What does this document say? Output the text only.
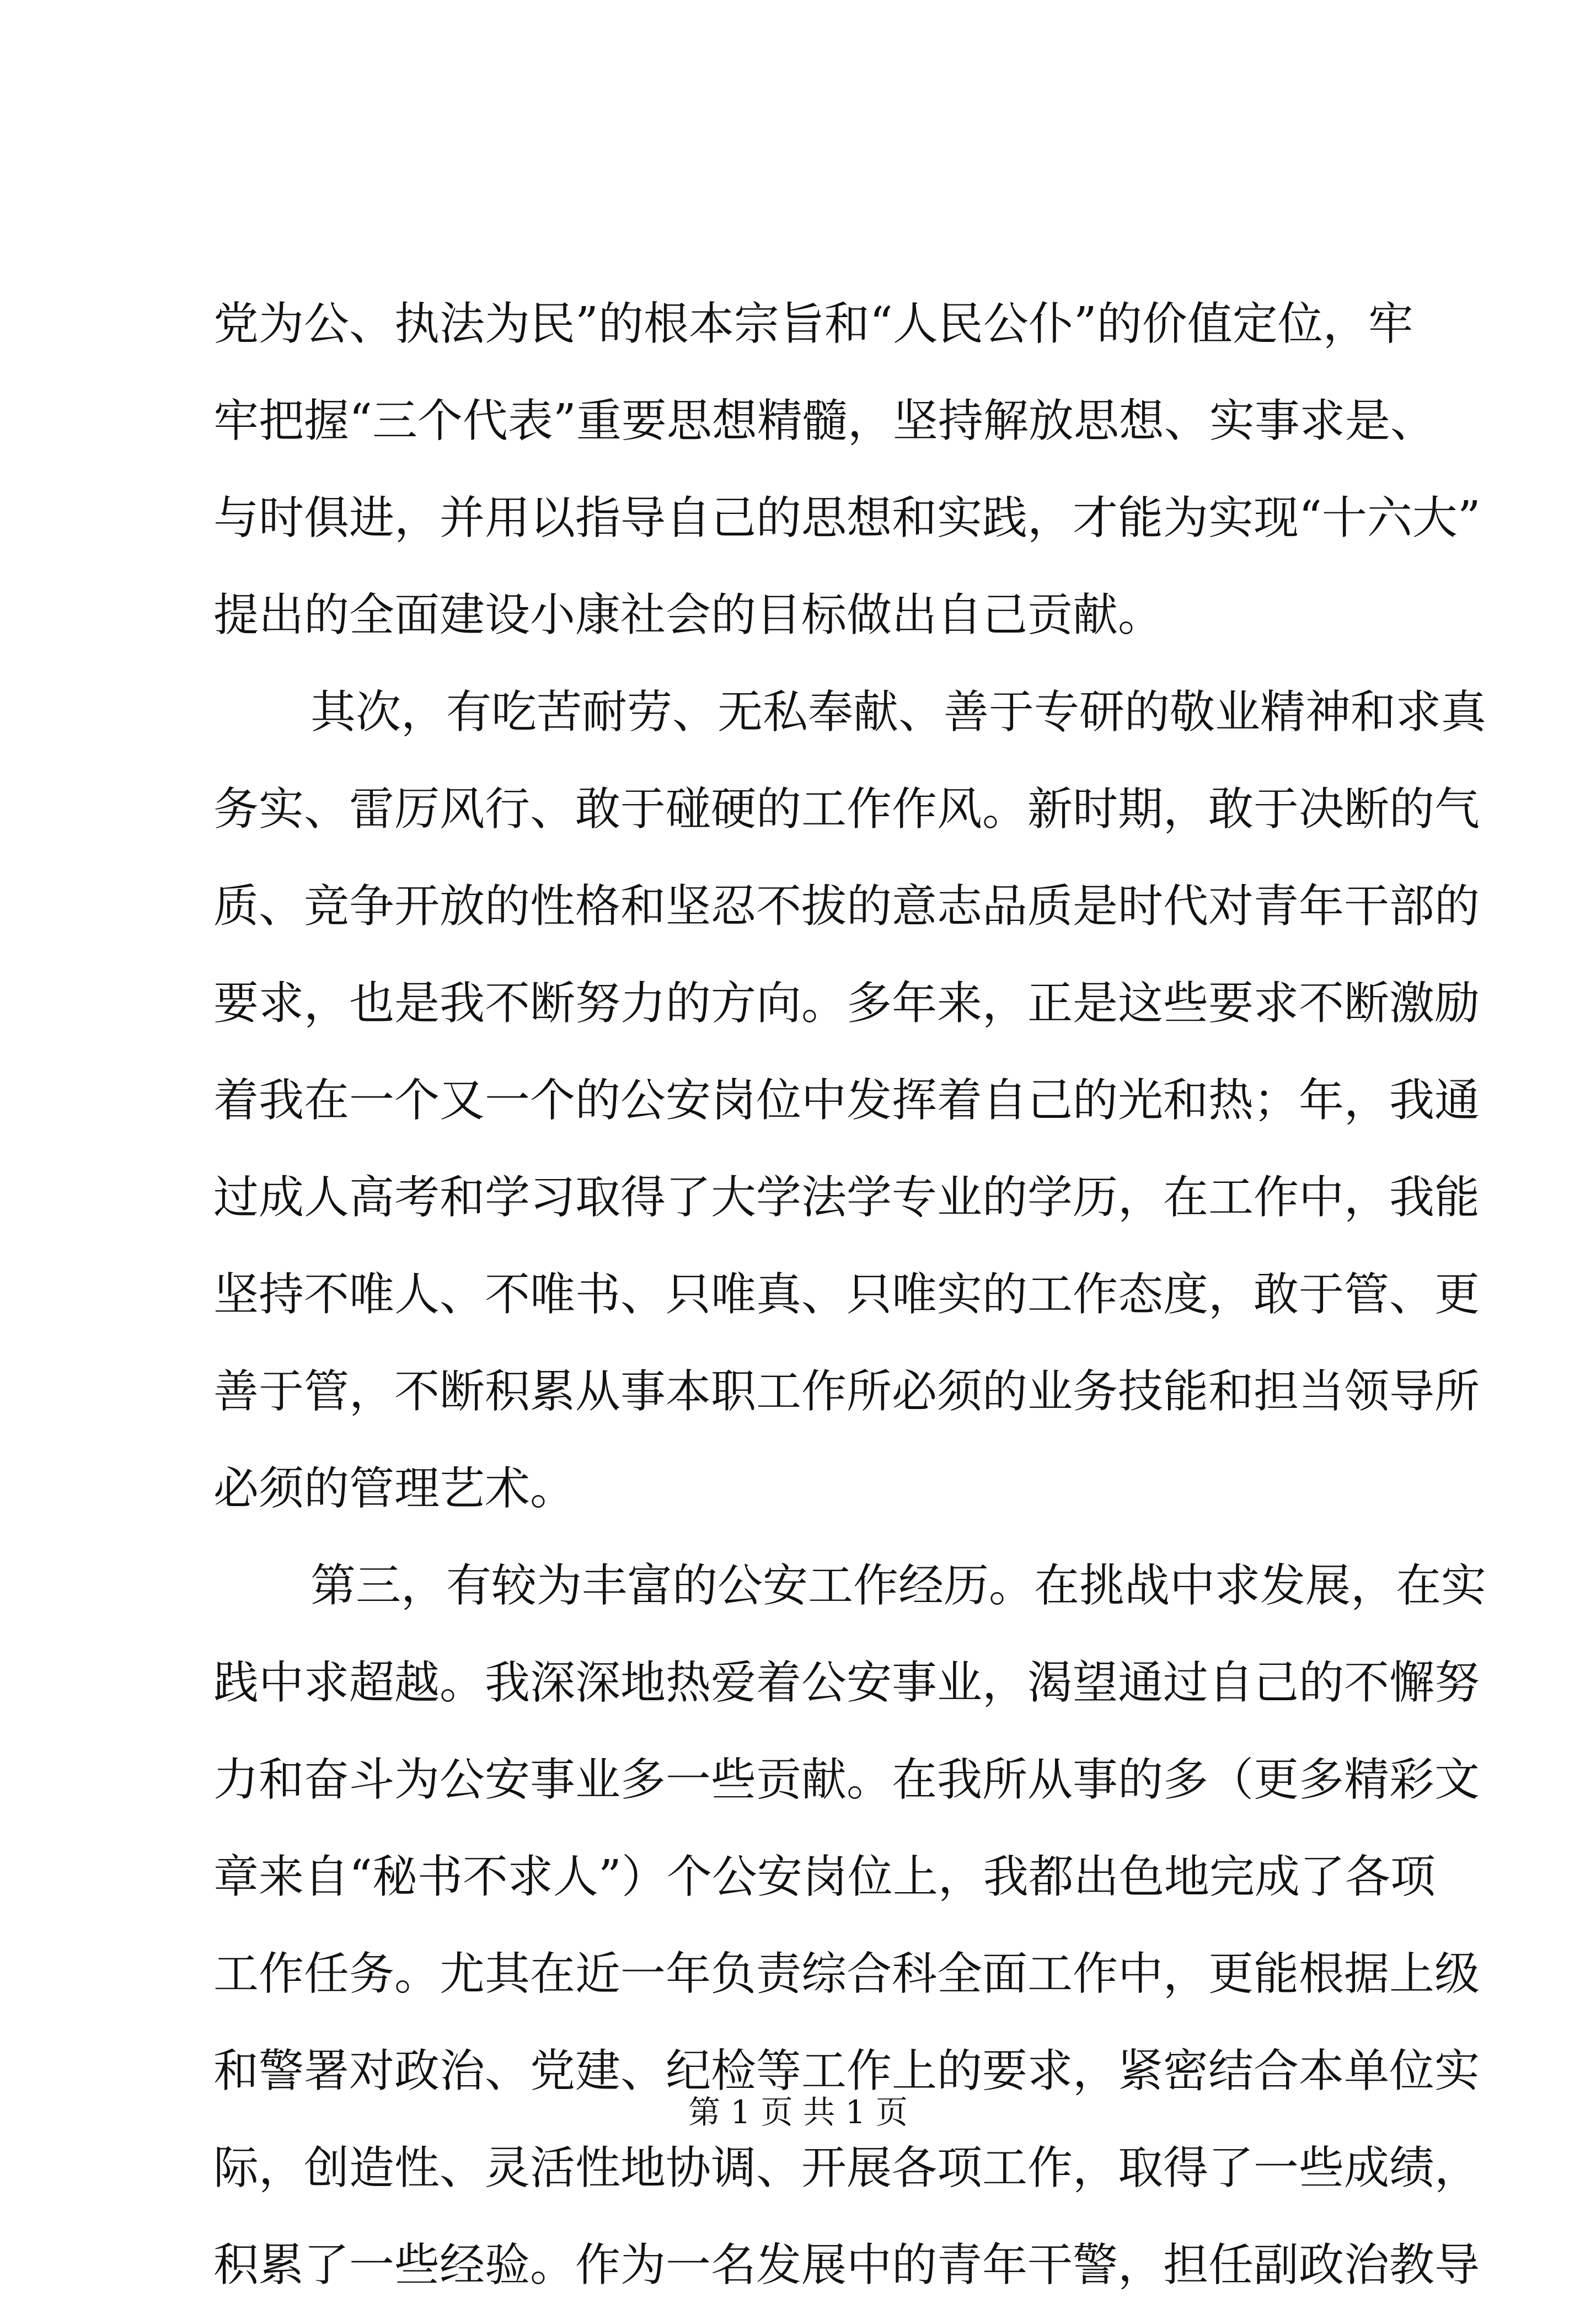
党为公、执法为民”的根本宗旨和“人民公仆”的价值定位，牢
牢把握“三个代表”重要思想精髓，坚持解放思想、实事求是、
与时俱进，并用以指导自己的思想和实践，才能为实现“十六大”
提出的全面建设小康社会的目标做出自己贡献。
其次，有吃苦耐劳、无私奉献、善于专研的敬业精神和求真
务实、雷厉风行、敢于碰硬的工作作风。新时期，敢于决断的气
质、竞争开放的性格和坚忍不拔的意志品质是时代对青年干部的
要求，也是我不断努力的方向。多年来，正是这些要求不断激励
着我在一个又一个的公安岗位中发挥着自己的光和热；年，我通
过成人高考和学习取得了大学法学专业的学历，在工作中，我能
坚持不唯人、不唯书、只唯真、只唯实的工作态度，敢于管、更
善于管，不断积累从事本职工作所必须的业务技能和担当领导所
必须的管理艺术。
第三，有较为丰富的公安工作经历。在挑战中求发展，在实
践中求超越。我深深地热爱着公安事业，渴望通过自己的不懈努
力和奋斗为公安事业多一些贡献。在我所从事的多（更多精彩文
章来自“秘书不求人”）个公安岗位上，我都出色地完成了各项
工作任务。尤其在近一年负责综合科全面工作中，更能根据上级
和警署对政治、党建、纪检等工作上的要求，紧密结合本单位实
际，创造性、灵活性地协调、开展各项工作，取得了一些成绩，
积累了一些经验。作为一名发展中的青年干警，担任副政治教导
第 1 页 共 1 页
